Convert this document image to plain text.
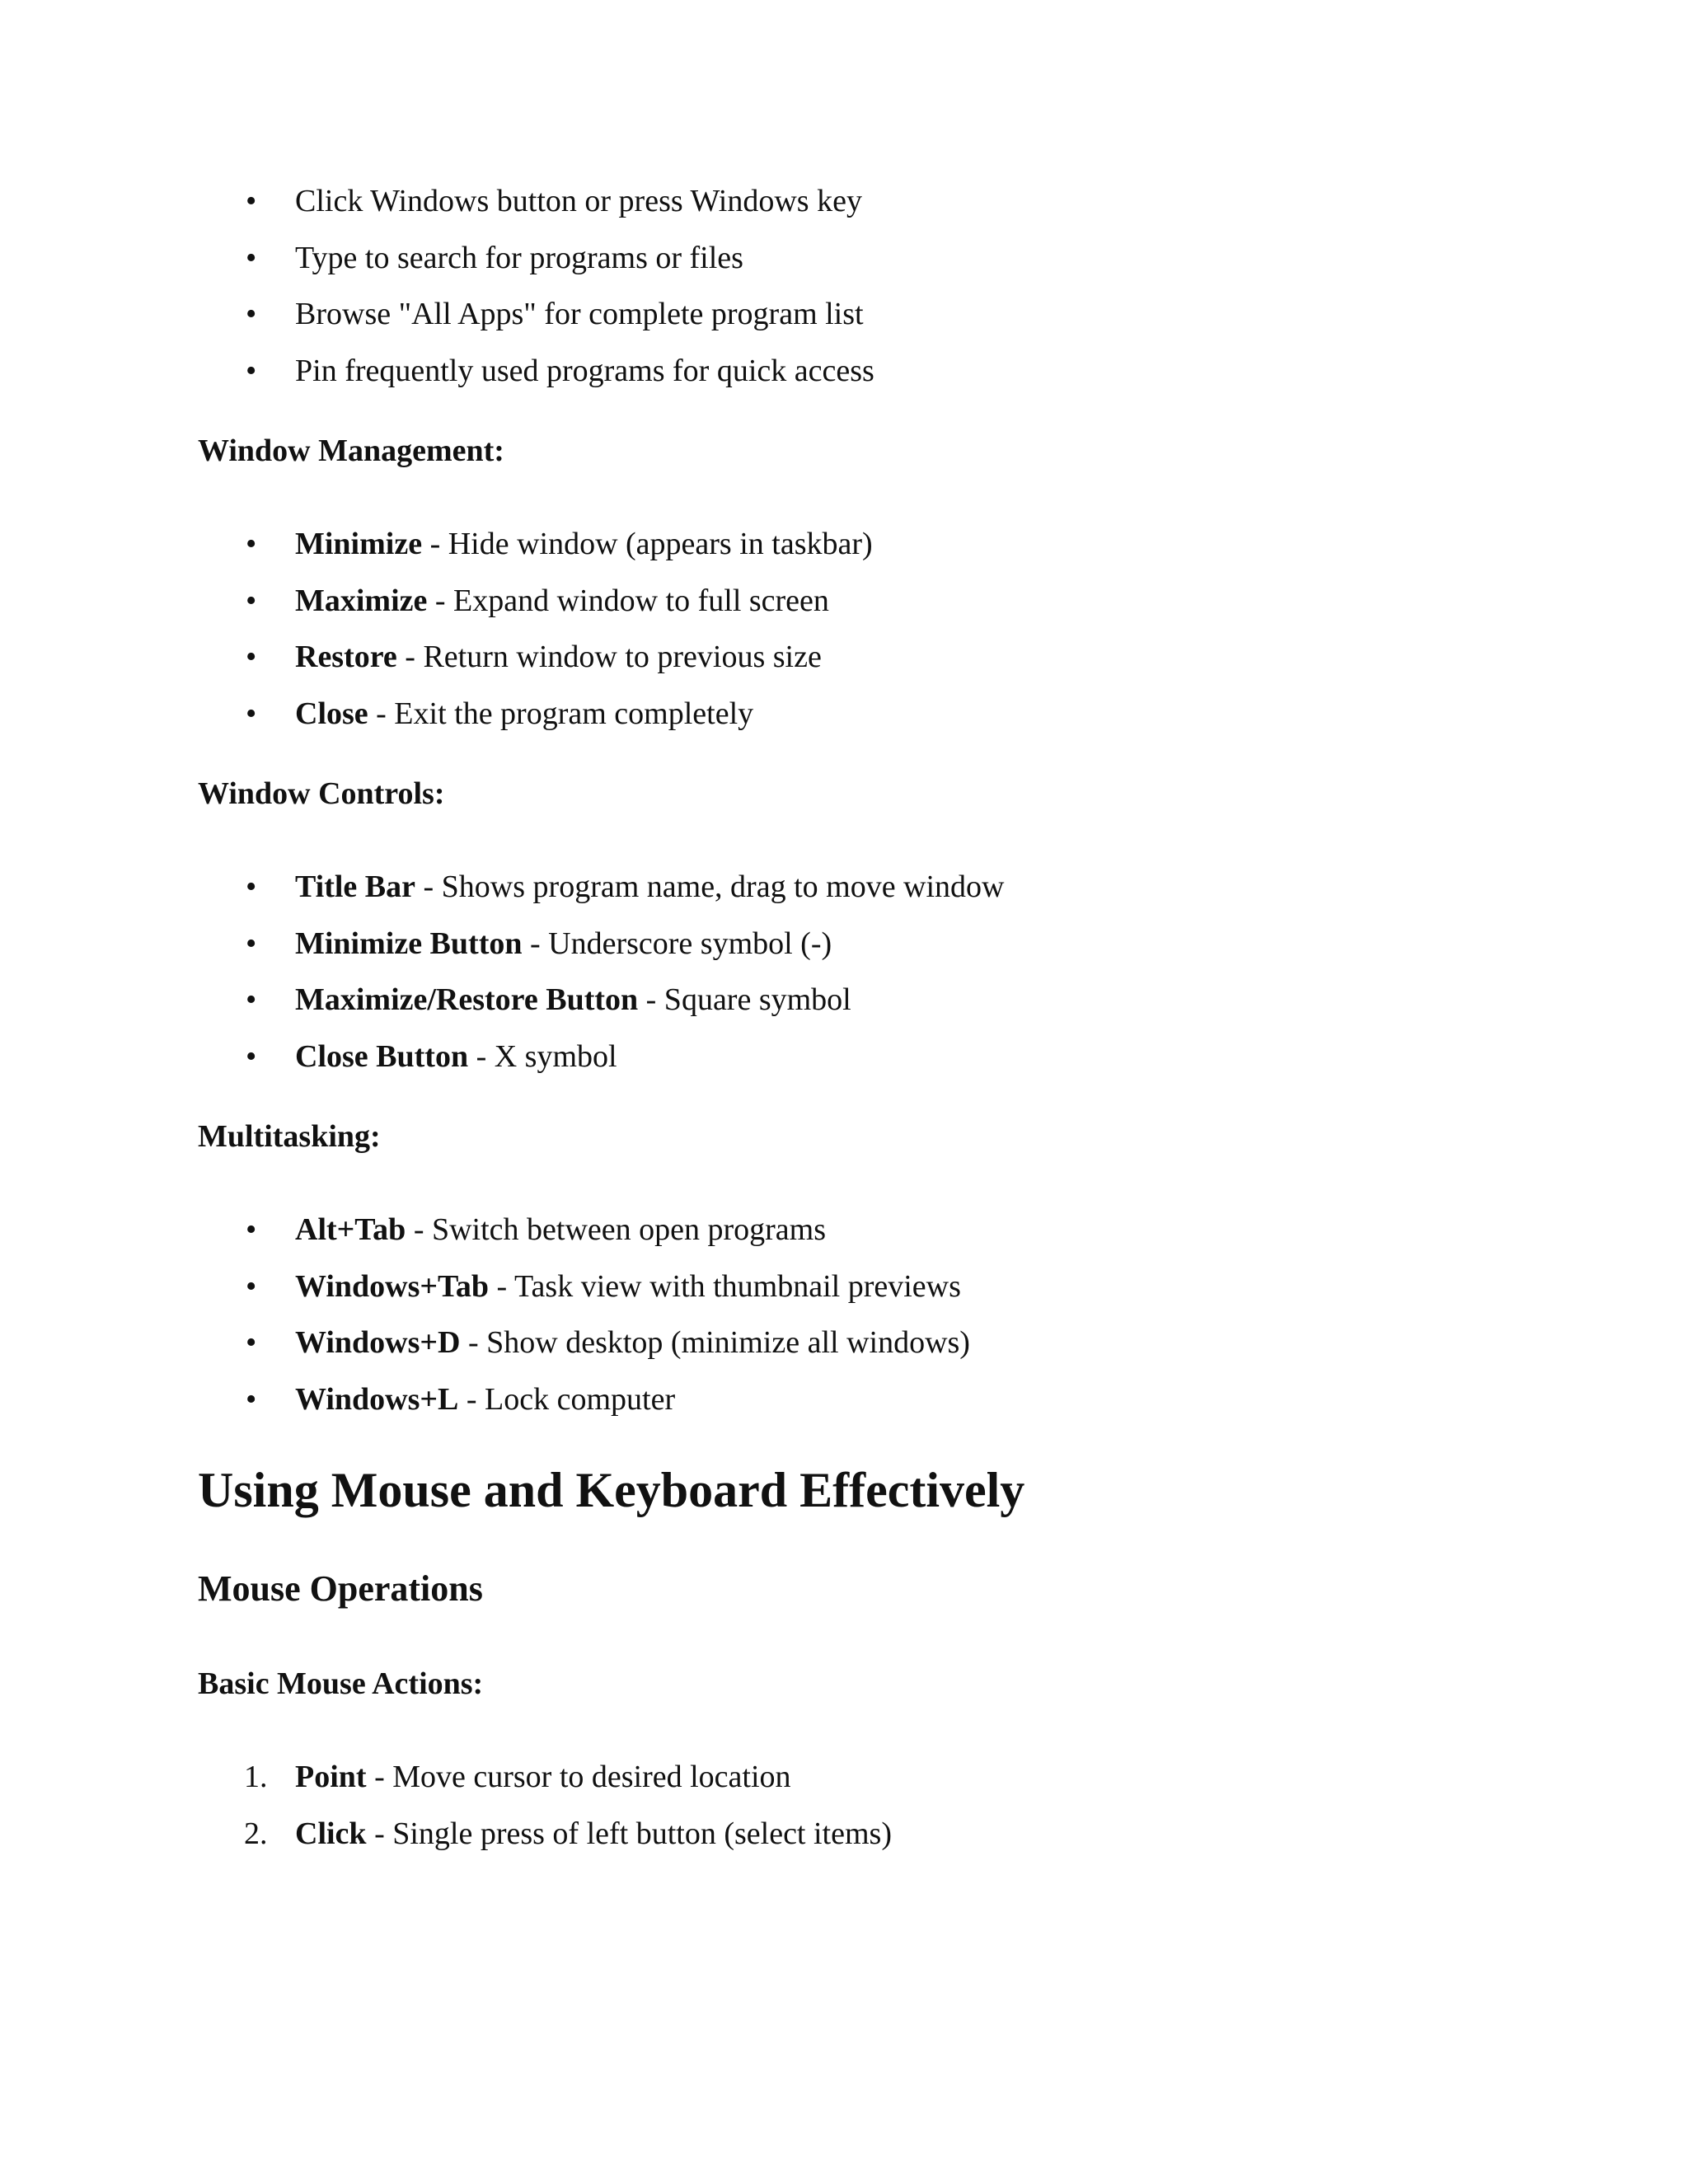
• Click Windows button or press Windows key
• Type to search for programs or files
• Browse "All Apps" for complete program list
• Pin frequently used programs for quick access

Window Management:

• Minimize - Hide window (appears in taskbar)
• Maximize - Expand window to full screen
• Restore - Return window to previous size
• Close - Exit the program completely

Window Controls:

• Title Bar - Shows program name, drag to move window
• Minimize Button - Underscore symbol (-)
• Maximize/Restore Button - Square symbol
• Close Button - X symbol

Multitasking:

• Alt+Tab - Switch between open programs
• Windows+Tab - Task view with thumbnail previews
• Windows+D - Show desktop (minimize all windows)
• Windows+L - Lock computer
Using Mouse and Keyboard Effectively
Mouse Operations

Basic Mouse Actions:

1. Point - Move cursor to desired location
2. Click - Single press of left button (select items)
